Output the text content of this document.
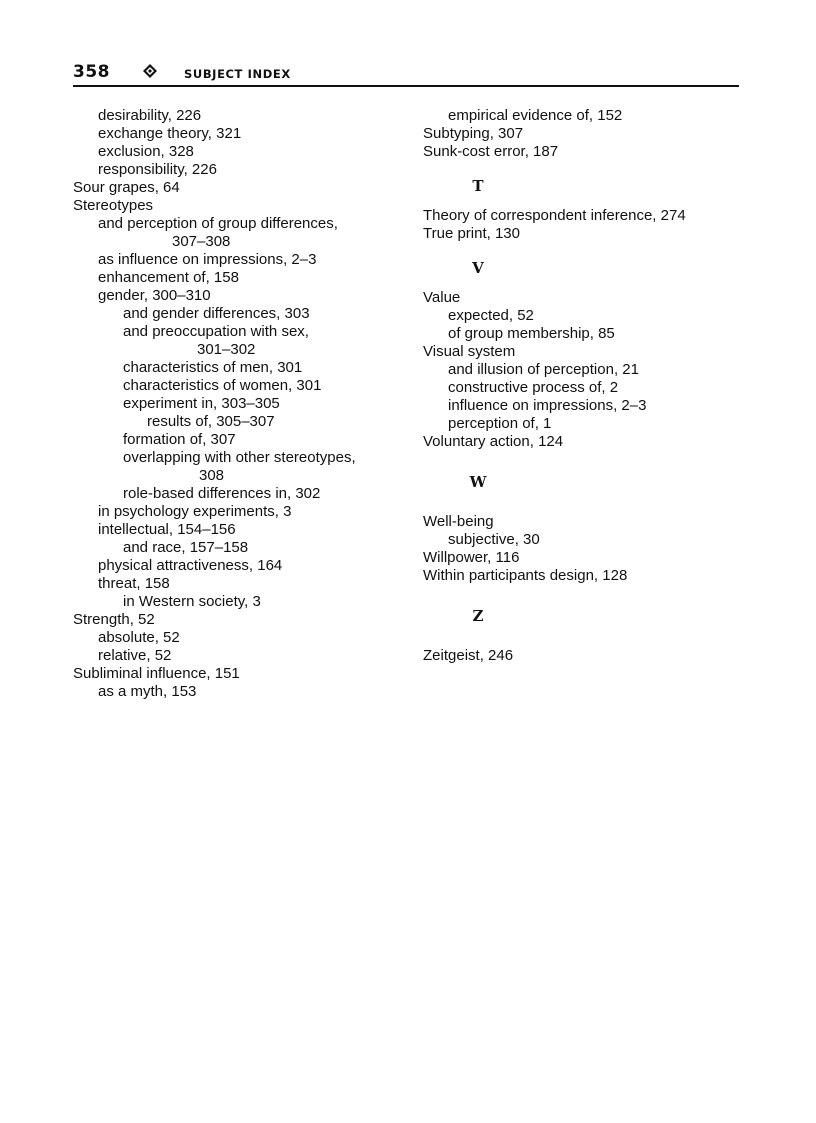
358	SUBJECT INDEX
desirability, 226
exchange theory, 321
exclusion, 328
responsibility, 226
Sour grapes, 64
Stereotypes
and perception of group differences,
307–308
as influence on impressions, 2–3
enhancement of, 158
gender, 300–310
and gender differences, 303
and preoccupation with sex,
301–302
characteristics of men, 301
characteristics of women, 301
experiment in, 303–305
results of, 305–307
formation of, 307
overlapping with other stereotypes,
308
role-based differences in, 302
in psychology experiments, 3
intellectual, 154–156
and race, 157–158
physical attractiveness, 164
threat, 158
in Western society, 3
Strength, 52
absolute, 52
relative, 52
Subliminal influence, 151
as a myth, 153
empirical evidence of, 152
Subtyping, 307
Sunk-cost error, 187
T
Theory of correspondent inference, 274
True print, 130
V
Value
expected, 52
of group membership, 85
Visual system
and illusion of perception, 21
constructive process of, 2
influence on impressions, 2–3
perception of, 1
Voluntary action, 124
W
Well-being
subjective, 30
Willpower, 116
Within participants design, 128
Z
Zeitgeist, 246
